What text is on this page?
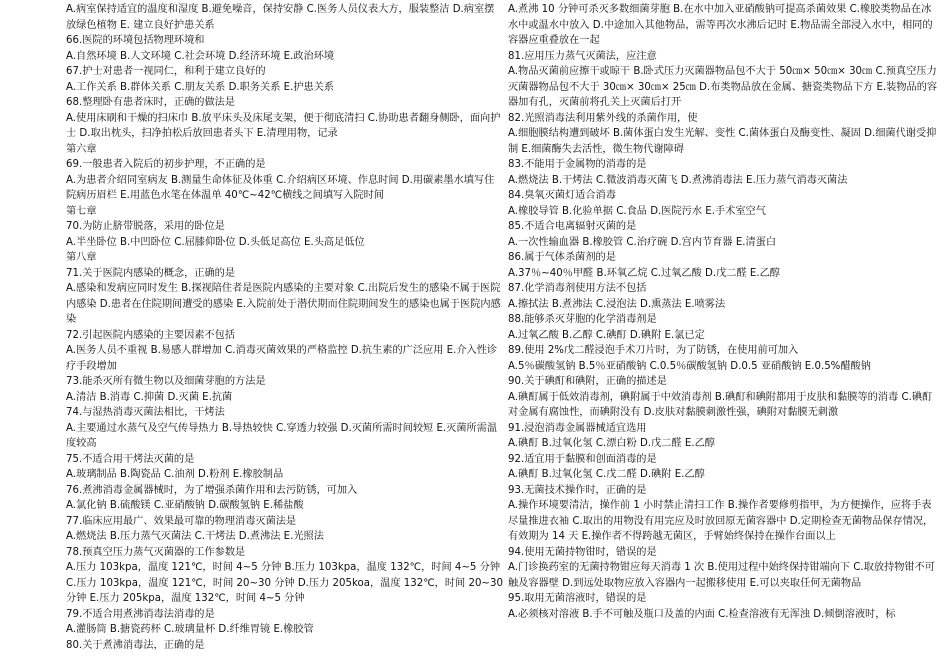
A.病室保持适宜的温度和湿度 B.避免噪音，保持安静 C.医务人员仪表大方，服装整洁 D.病室摆放绿色植物 E. 建立良好护患关系
66.医院的环境包括物理环境和
A.自然环境 B.人文环境 C.社会环境 D.经济环境 E.政治环境
67.护士对患者一视同仁，和利于建立良好的
A.工作关系 B.群体关系 C.朋友关系 D.职务关系 E.护患关系
68.整理卧有患者床时，正确的做法是
A.使用床刷和干燥的扫床巾 B.放平床头及床尾支架，便于彻底清扫 C.协助患者翻身侧卧，面向护士 D.取出枕头，扫净拍松后放回患者头下 E.清理用物，记录
第六章
69.一般患者入院后的初步护理，不正确的是
A.为患者介绍同室病友 B.测量生命体征及体重 C.介绍病区环境、作息时间 D.用碳素墨水填写住院病历眉栏 E.用蓝色水笔在体温单 40℃~42℃横线之间填写入院时间
第七章
70.为防止脐带脱落，采用的卧位是
A.半坐卧位 B.中凹卧位 C.屈膝仰卧位 D.头低足高位 E.头高足低位
第八章
71.关于医院内感染的概念，正确的是
A.感染和发病应同时发生 B.探视陪住者是医院内感染的主要对象 C.出院后发生的感染不属于医院内感染 D.患者在住院期间遭受的感染 E.入院前处于潜伏期而住院期间发生的感染也属于医院内感染
72.引起医院内感染的主要因素不包括
A.医务人员不重视 B.易感人群增加 C.消毒灭菌效果的严格监控 D.抗生素的广泛应用 E.介入性诊疗手段增加
73.能杀灭所有微生物以及细菌芽胞的方法是
A.清洁 B.消毒 C.抑菌 D.灭菌 E.抗菌
74.与湿热消毒灭菌法相比，干烤法
A.主要通过水蒸气及空气传导热力 B.导热较快 C.穿透力较强 D.灭菌所需时间较短 E.灭菌所需温度较高
75.不适合用干烤法灭菌的是
A.玻璃制品 B.陶瓷品 C.油剂 D.粉剂 E.橡胶制品
76.煮沸消毒金属器械时，为了增强杀菌作用和去污防锈，可加入
A.氯化钠 B.硫酸镁 C.亚硝酸钠 D.碳酸氢钠 E.稀盐酸
77.临床应用最广、效果最可靠的物理消毒灭菌法是
A.燃烧法 B.压力蒸气灭菌法 C.干烤法 D.煮沸法 E.光照法
78.预真空压力蒸气灭菌器的工作参数是
A.压力 103kpa，温度 121℃，时间 4~5 分钟 B.压力 103kpa，温度 132℃，时间 4~5 分钟 C.压力 103kpa，温度 121℃，时间 20~30 分钟 D.压力 205koa，温度 132℃，时间 20~30 分钟 E.压力 205kpa，温度 132℃，时间 4~5 分钟
79.不适合用煮沸消毒法消毒的是
A.灌肠筒 B.搪瓷药杯 C.玻璃量杯 D.纤维胃镜 E.橡胶管
80.关于煮沸消毒法，正确的是
A.煮沸 10 分钟可杀灭多数细菌芽胞 B.在水中加入亚硝酸钠可提高杀菌效果 C.橡胶类物品在冰水中或温水中放入 D.中途加入其他物品，需等再次水沸后记时 E.物品需全部浸入水中，相同的容器应重叠放在一起
81.应用压力蒸气灭菌法，应注意
A.物品灭菌前应擦干或晾干 B.卧式压力灭菌器物品包不大于 50㎝× 50㎝× 30㎝ C.预真空压力灭菌器物品包不大于 30㎝× 30㎝× 25㎝ D.布类物品放在金属、搪瓷类物品下方 E.装物品的容器加有孔，灭菌前将孔关上灭菌后打开
82.光照消毒法利用紫外线的杀菌作用，使
A.细胞膜结构遭到破坏 B.菌体蛋白发生光解、变性 C.菌体蛋白及酶变性、凝固 D.细菌代谢受抑制 E.细菌酶失去活性，微生物代谢障碍
83.不能用于金属物的消毒的是
A.燃烧法 B.干烤法 C.微波消毒灭菌飞 D.煮沸消毒法 E.压力蒸气消毒灭菌法
84.臭氧灭菌灯适合消毒
A.橡胶导管 B.化验单据 C.食品 D.医院污水 E.手术室空气
85.不适合电离辐射灭菌的是
A.一次性输血器 B.橡胶管 C.治疗碗 D.宫内节育器 E.清蛋白
86.属于气体杀菌剂的是
A.37％~40％甲醛 B.环氧乙烷 C.过氧乙酸 D.戊二醛 E.乙醇
87.化学消毒剂使用方法不包括
A.擦拭法 B.煮沸法 C.浸泡法 D.熏蒸法 E.喷雾法
88.能够杀灭芽胞的化学消毒剂是
A.过氧乙酸 B.乙醇 C.碘酊 D.碘附 E.氯已定
89.使用 2%戊二醛浸泡手术刀片时，为了防锈，在使用前可加入
A.5％碳酸氢钠 B.5％亚硝酸钠 C.0.5％碳酸氢钠 D.0.5 亚硝酸钠 E.0.5%醋酸钠
90.关于碘酊和碘附，正确的描述是
A.碘酊属于低效消毒剂，碘附属于中效消毒剂 B.碘酊和碘附都用于皮肤和黏膜等的消毒 C.碘酊对金属有腐蚀性，而碘附没有 D.皮肤对黏膜刺激性强，碘附对黏膜无刺激
91.浸泡消毒金属器械适宜选用
A.碘酊 B.过氧化氢 C.漂白粉 D.戊二醛 E.乙醇
92.适宜用于黏膜和创面消毒的是
A.碘酊 B.过氧化氢 C.戊二醛 D.碘附 E.乙醇
93.无菌技术操作时，正确的是
A.操作环境要清洁，操作前 1 小时禁止清扫工作 B.操作者要修剪指甲，为方便操作，应将手表尽量推进衣袖 C.取出的用物没有用完应及时放回原无菌容器中 D.定期检查无菌物品保存情况，有效期为 14 天 E.操作者不得跨越无菌区，手臂始终保持在操作台面以上
94.使用无菌持物钳时，错误的是
A.门诊换药室的无菌持物钳应每天消毒 1 次 B.使用过程中始终保持钳端向下 C.取放持物钳不可触及容器壁 D.到远处取物应放入容器内一起搬移使用 E.可以夹取任何无菌物品
95.取用无菌溶液时，错误的是
A.必须核对溶液 B.手不可触及瓶口及盖的内面 C.检查溶液有无浑浊 D.倾倒溶液时，标
